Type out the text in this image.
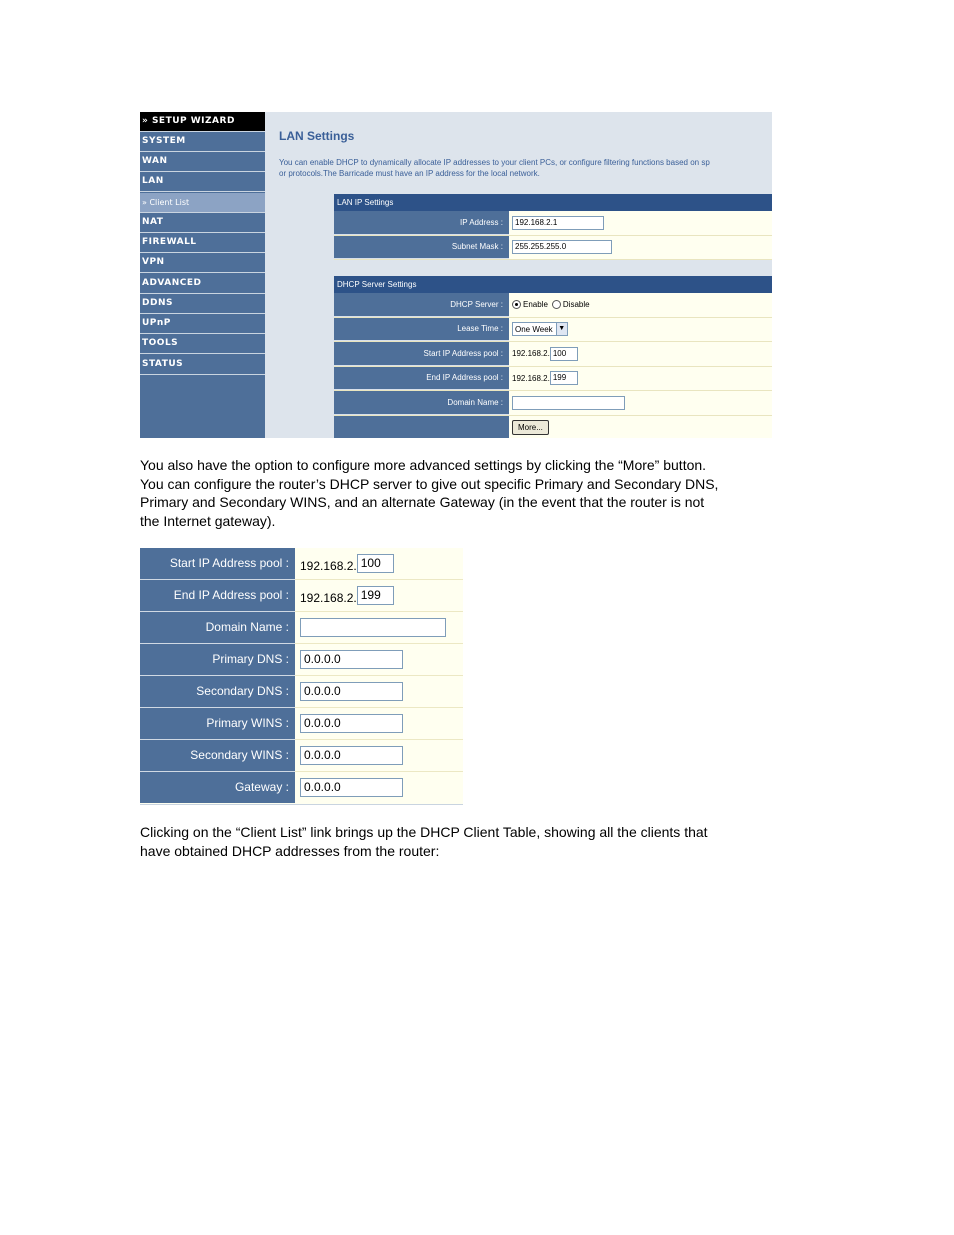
» SETUP WIZARD
SYSTEM
WAN
LAN
» Client List
NAT
FIREWALL
VPN
ADVANCED
DDNS
UPnP
TOOLS
STATUS
LAN Settings
You can enable DHCP to dynamically allocate IP addresses to your client PCs, or configure filtering functions based on sp
or protocols.The Barricade must have an IP address for the local network.
LAN IP Settings
IP Address :	192.168.2.1
Subnet Mask :	255.255.255.0
DHCP Server Settings
DHCP Server :	Enable Disable
Lease Time :	One Week ▼
Start IP Address pool :	192.168.2. 100
End IP Address pool :	192.168.2. 199
Domain Name :
More...
You also have the option to configure more advanced settings by clicking the “More” button.
You can configure the router’s DHCP server to give out specific Primary and Secondary DNS,
Primary and Secondary WINS, and an alternate Gateway (in the event that the router is not
the Internet gateway).
Start IP Address pool : 192.168.2. 100
End IP Address pool : 192.168.2. 199
Domain Name :
Primary DNS :	0.0.0.0
Secondary DNS :	0.0.0.0
Primary WINS :	0.0.0.0
Secondary WINS :	0.0.0.0
Gateway :	0.0.0.0
Clicking on the “Client List” link brings up the DHCP Client Table, showing all the clients that
have obtained DHCP addresses from the router:
